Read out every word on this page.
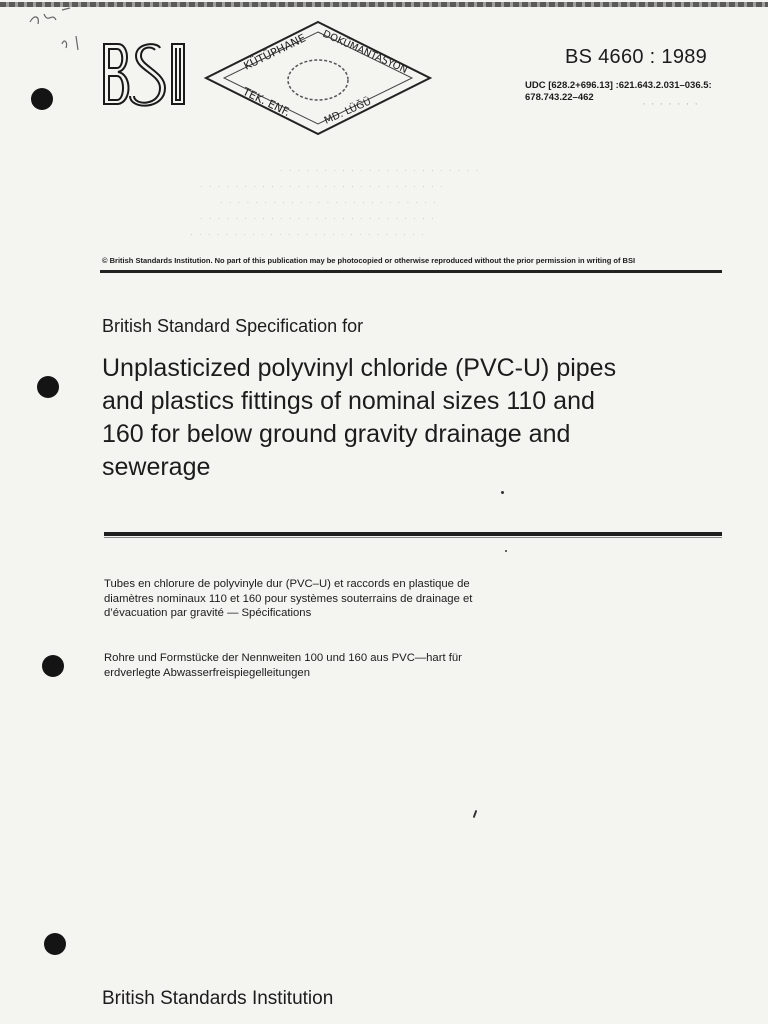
BSI	KÜTÜPHANE DOKÜMANTASYON
TEK. ENF.	MD. LÜĞÜ
BS 4660 : 1989
UDC [628.2+696.13] :621.643.2.031–036.5:
678.743.22–462
· · · · · · ·
· · · · · · · · · · · · · · · · · · · · · · ·
· · · · · · · · · · · · · · · · · · · · · · · · · · · ·
· · · · · · · · · · · · · · · · · · · · · · · · ·
· · · · · · · · · · · · · · · · · · · · · · · · · · ·
· · · · · · · · · · · · · · · · · · · · · · · · · · ·
© British Standards Institution. No part of this publication may be photocopied or otherwise reproduced without the prior permission in writing of BSI
British Standard Specification for
Unplasticized polyvinyl chloride (PVC-U) pipes
and plastics fittings of nominal sizes 110 and
160 for below ground gravity drainage and
sewerage
Tubes en chlorure de polyvinyle dur (PVC–U) et raccords en plastique de
diamètres nominaux 110 et 160 pour systèmes souterrains de drainage et
d’évacuation par gravité — Spécifications
Rohre und Formstücke der Nennweiten 100 und 160 aus PVC—hart für
erdverlegte Abwasserfreispiegelleitungen
British Standards Institution
